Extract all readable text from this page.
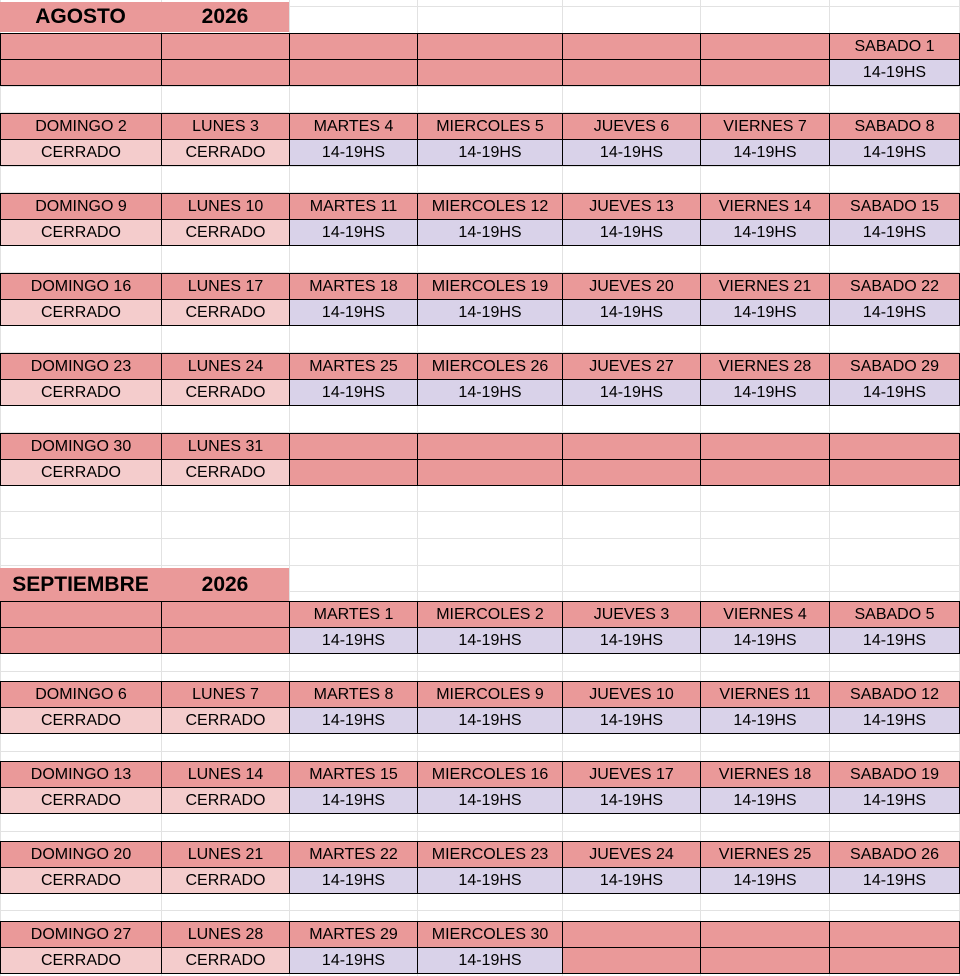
AGOSTO	2026
SABADO 1
14-19HS
DOMINGO 2
CERRADO
LUNES 3
CERRADO
MARTES 4
14-19HS
MIERCOLES 5
14-19HS
JUEVES 6
14-19HS
VIERNES 7
14-19HS
SABADO 8
14-19HS
DOMINGO 9
CERRADO
LUNES 10
CERRADO
MARTES 11
14-19HS
MIERCOLES 12
14-19HS
JUEVES 13
14-19HS
VIERNES 14
14-19HS
SABADO 15
14-19HS
DOMINGO 16
CERRADO
LUNES 17
CERRADO
MARTES 18
14-19HS
MIERCOLES 19
14-19HS
JUEVES 20
14-19HS
VIERNES 21
14-19HS
SABADO 22
14-19HS
DOMINGO 23
CERRADO
LUNES 24
CERRADO
MARTES 25
14-19HS
MIERCOLES 26
14-19HS
JUEVES 27
14-19HS
VIERNES 28
14-19HS
SABADO 29
14-19HS
DOMINGO 30
CERRADO
LUNES 31
CERRADO
SEPTIEMBRE	2026
MARTES 1
14-19HS
MIERCOLES 2
14-19HS
JUEVES 3
14-19HS
VIERNES 4
14-19HS
SABADO 5
14-19HS
DOMINGO 6
CERRADO
LUNES 7
CERRADO
MARTES 8
14-19HS
MIERCOLES 9
14-19HS
JUEVES 10
14-19HS
VIERNES 11
14-19HS
SABADO 12
14-19HS
DOMINGO 13
CERRADO
LUNES 14
CERRADO
MARTES 15
14-19HS
MIERCOLES 16
14-19HS
JUEVES 17
14-19HS
VIERNES 18
14-19HS
SABADO 19
14-19HS
DOMINGO 20
CERRADO
LUNES 21
CERRADO
MARTES 22
14-19HS
MIERCOLES 23
14-19HS
JUEVES 24
14-19HS
VIERNES 25
14-19HS
SABADO 26
14-19HS
DOMINGO 27
CERRADO
LUNES 28
CERRADO
MARTES 29
14-19HS
MIERCOLES 30
14-19HS
